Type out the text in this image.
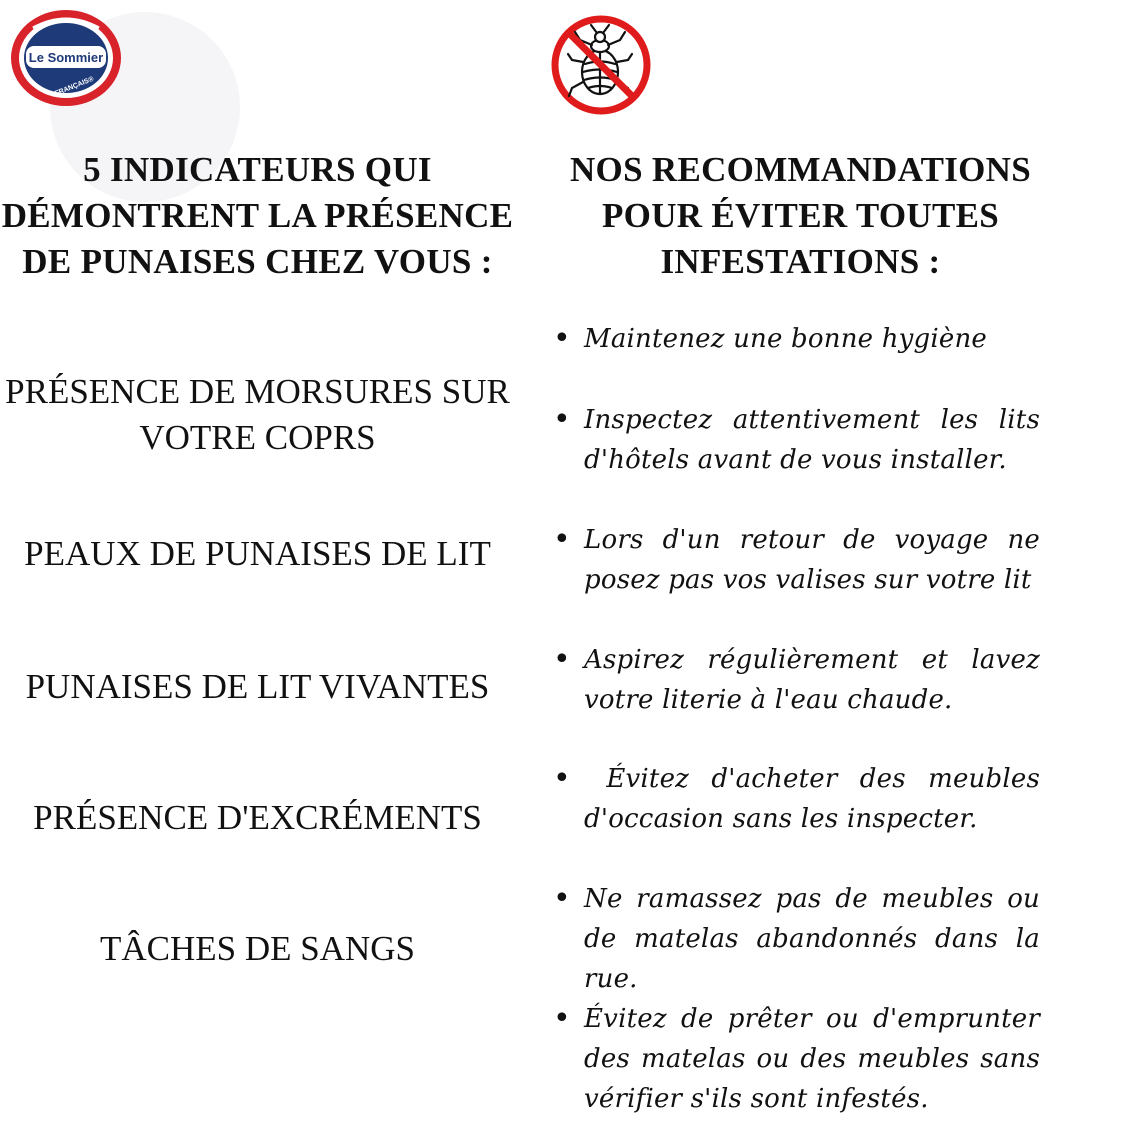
Le Sommier
FRANÇAIS®

5 INDICATEURS QUI

DÉMONTRENT LA PRÉSENCE

DE PUNAISES CHEZ VOUS :

NOS RECOMMANDATIONS

POUR ÉVITER TOUTES

INFESTATIONS :

PRÉSENCE DE MORSURES SUR
VOTRE COPRS
PEAUX DE PUNAISES DE LIT
PUNAISES DE LIT VIVANTES
PRÉSENCE D'EXCRÉMENTS
TÂCHES DE SANGS
• Maintenez une bonne hygiène

• Inspectez attentivement les lits d'hôtels avant de vous installer.

• Lors d'un retour de voyage ne posez pas vos valises sur votre lit

• Aspirez régulièrement et lavez votre literie à l'eau chaude.

• Évitez d'acheter des meubles d'occasion sans les inspecter.

• Ne ramassez pas de meubles ou de matelas abandonnés dans la rue.

• Évitez de prêter ou d'emprunter des matelas ou des meubles sans vérifier s'ils sont infestés.
